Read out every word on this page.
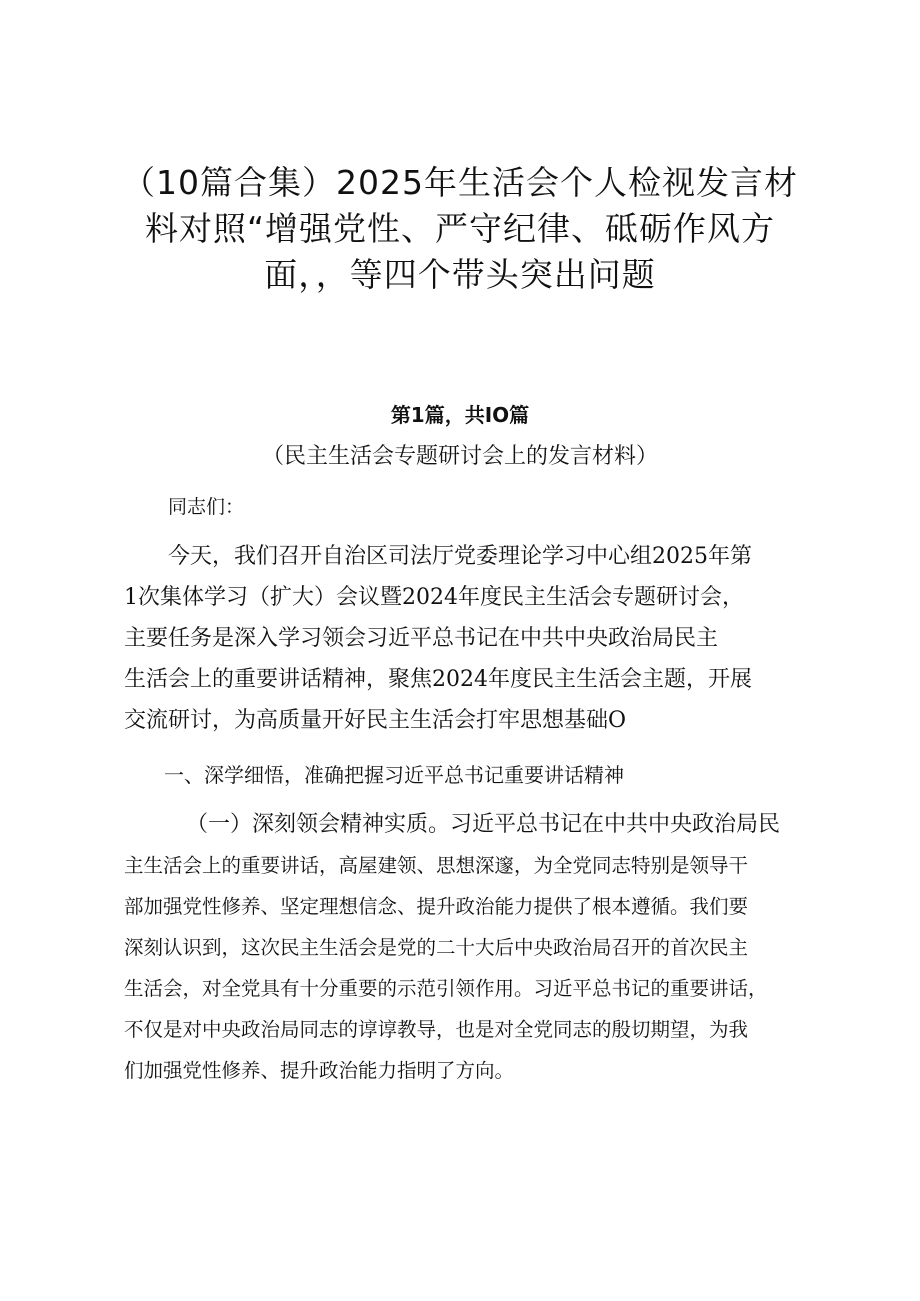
（10篇合集）2025年生活会个人检视发言材
料对照“增强党性、严守纪律、砥砺作风方
面，，等四个带头突出问题
第1篇，共IO篇
（民主生活会专题研讨会上的发言材料）
同志们：
今天，我们召开自治区司法厅党委理论学习中心组2025年第
1次集体学习（扩大）会议暨2024年度民主生活会专题研讨会，
主要任务是深入学习领会习近平总书记在中共中央政治局民主
生活会上的重要讲话精神，聚焦2024年度民主生活会主题，开展
交流研讨，为高质量开好民主生活会打牢思想基础O
一、深学细悟，准确把握习近平总书记重要讲话精神
（一）深刻领会精神实质。习近平总书记在中共中央政治局民
主生活会上的重要讲话，高屋建领、思想深邃，为全党同志特别是领导干
部加强党性修养、坚定理想信念、提升政治能力提供了根本遵循。我们要
深刻认识到，这次民主生活会是党的二十大后中央政治局召开的首次民主
生活会，对全党具有十分重要的示范引领作用。习近平总书记的重要讲话，
不仅是对中央政治局同志的谆谆教导，也是对全党同志的殷切期望，为我
们加强党性修养、提升政治能力指明了方向。
